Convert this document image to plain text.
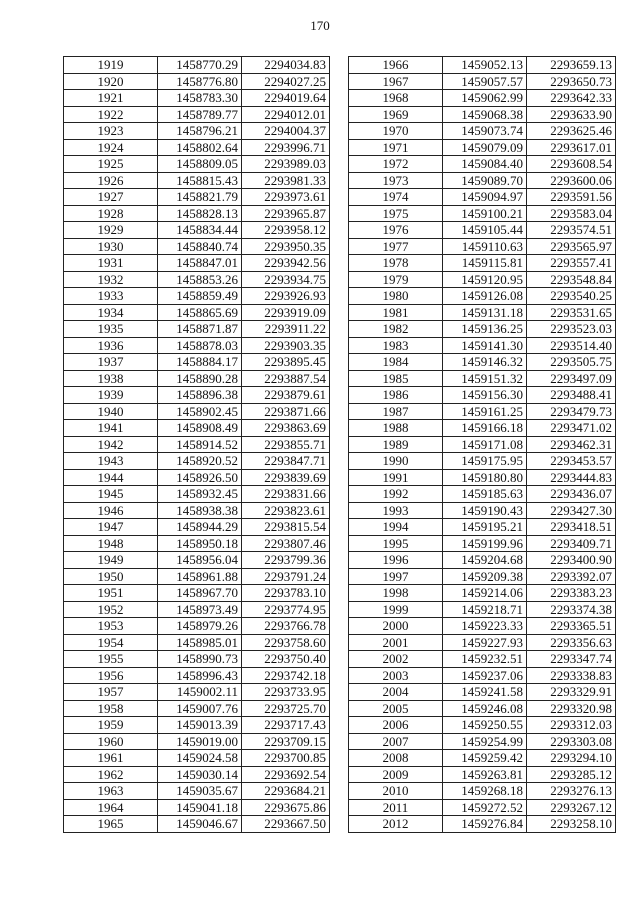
170
1919	1458770.29	2294034.83
1920	1458776.80	2294027.25
1921	1458783.30	2294019.64
1922	1458789.77	2294012.01
1923	1458796.21	2294004.37
1924	1458802.64	2293996.71
1925	1458809.05	2293989.03
1926	1458815.43	2293981.33
1927	1458821.79	2293973.61
1928	1458828.13	2293965.87
1929	1458834.44	2293958.12
1930	1458840.74	2293950.35
1931	1458847.01	2293942.56
1932	1458853.26	2293934.75
1933	1458859.49	2293926.93
1934	1458865.69	2293919.09
1935	1458871.87	2293911.22
1936	1458878.03	2293903.35
1937	1458884.17	2293895.45
1938	1458890.28	2293887.54
1939	1458896.38	2293879.61
1940	1458902.45	2293871.66
1941	1458908.49	2293863.69
1942	1458914.52	2293855.71
1943	1458920.52	2293847.71
1944	1458926.50	2293839.69
1945	1458932.45	2293831.66
1946	1458938.38	2293823.61
1947	1458944.29	2293815.54
1948	1458950.18	2293807.46
1949	1458956.04	2293799.36
1950	1458961.88	2293791.24
1951	1458967.70	2293783.10
1952	1458973.49	2293774.95
1953	1458979.26	2293766.78
1954	1458985.01	2293758.60
1955	1458990.73	2293750.40
1956	1458996.43	2293742.18
1957	1459002.11	2293733.95
1958	1459007.76	2293725.70
1959	1459013.39	2293717.43
1960	1459019.00	2293709.15
1961	1459024.58	2293700.85
1962	1459030.14	2293692.54
1963	1459035.67	2293684.21
1964	1459041.18	2293675.86
1965	1459046.67	2293667.50
1966	1459052.13	2293659.13
1967	1459057.57	2293650.73
1968	1459062.99	2293642.33
1969	1459068.38	2293633.90
1970	1459073.74	2293625.46
1971	1459079.09	2293617.01
1972	1459084.40	2293608.54
1973	1459089.70	2293600.06
1974	1459094.97	2293591.56
1975	1459100.21	2293583.04
1976	1459105.44	2293574.51
1977	1459110.63	2293565.97
1978	1459115.81	2293557.41
1979	1459120.95	2293548.84
1980	1459126.08	2293540.25
1981	1459131.18	2293531.65
1982	1459136.25	2293523.03
1983	1459141.30	2293514.40
1984	1459146.32	2293505.75
1985	1459151.32	2293497.09
1986	1459156.30	2293488.41
1987	1459161.25	2293479.73
1988	1459166.18	2293471.02
1989	1459171.08	2293462.31
1990	1459175.95	2293453.57
1991	1459180.80	2293444.83
1992	1459185.63	2293436.07
1993	1459190.43	2293427.30
1994	1459195.21	2293418.51
1995	1459199.96	2293409.71
1996	1459204.68	2293400.90
1997	1459209.38	2293392.07
1998	1459214.06	2293383.23
1999	1459218.71	2293374.38
2000	1459223.33	2293365.51
2001	1459227.93	2293356.63
2002	1459232.51	2293347.74
2003	1459237.06	2293338.83
2004	1459241.58	2293329.91
2005	1459246.08	2293320.98
2006	1459250.55	2293312.03
2007	1459254.99	2293303.08
2008	1459259.42	2293294.10
2009	1459263.81	2293285.12
2010	1459268.18	2293276.13
2011	1459272.52	2293267.12
2012	1459276.84	2293258.10
